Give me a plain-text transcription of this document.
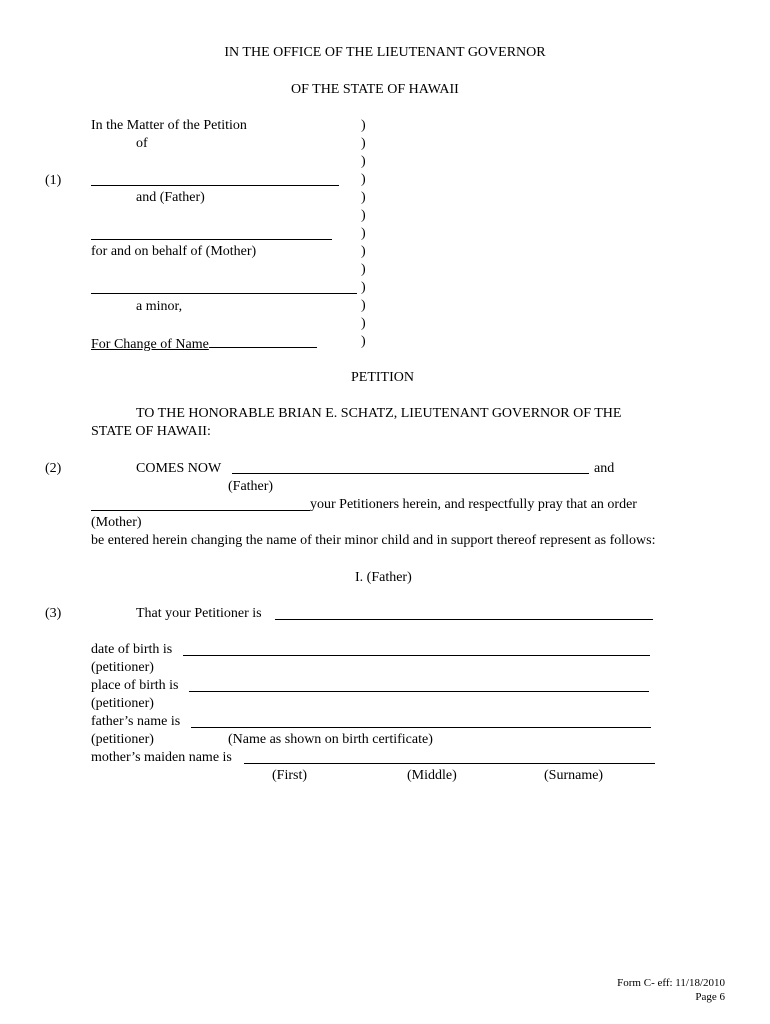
IN THE OFFICE OF THE LIEUTENANT GOVERNOR
OF THE STATE OF HAWAII
In the Matter of the Petition
of
(1)
and (Father)
for and on behalf of (Mother)
a minor,
For Change of Name
)
)
)
)
)
)
)
)
)
)
)
)
)
PETITION
TO THE HONORABLE BRIAN E. SCHATZ, LIEUTENANT GOVERNOR OF THE
STATE OF HAWAII:
(2)	COMES NOW	and
(Father)
your Petitioners herein, and respectfully pray that an order
(Mother)
be entered herein changing the name of their minor child and in support thereof represent as follows:
I. (Father)
(3)	That your Petitioner is
date of birth is
(petitioner)
place of birth is
(petitioner)
father’s name is
(petitioner)	(Name as shown on birth certificate)
mother’s maiden name is
(First)	(Middle)	(Surname)
Form C- eff: 11/18/2010
Page 6
